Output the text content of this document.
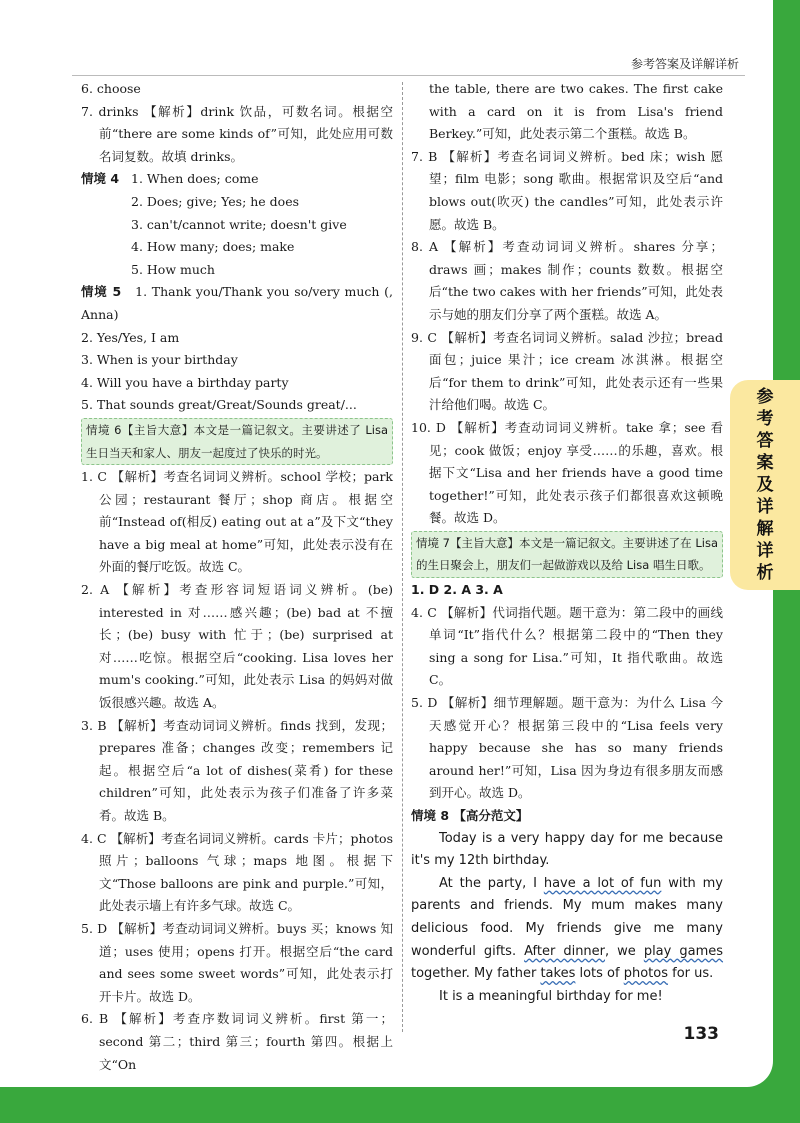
参考答案及详解详析

6. choose

7. drinks 【解析】drink 饮品，可数名词。根据空前“there are some kinds of”可知，此处应用可数名词复数。故填 drinks。

情境 4 1. When does; come

2. Does; give; Yes; he does

3. can't/cannot write; doesn't give

4. How many; does; make

5. How much

情境 5 1. Thank you/Thank you so/very much (, Anna)

2. Yes/Yes, I am

3. When is your birthday

4. Will you have a birthday party

5. That sounds great/Great/Sounds great/...

情境 6【主旨大意】本文是一篇记叙文。主要讲述了 Lisa 生日当天和家人、朋友一起度过了快乐的时光。

1. C 【解析】考查名词词义辨析。school 学校；park 公园；restaurant 餐厅；shop 商店。根据空前“Instead of(相反) eating out at a”及下文“they have a big meal at home”可知，此处表示没有在外面的餐厅吃饭。故选 C。

2. A 【解析】考查形容词短语词义辨析。(be) interested in 对……感兴趣；(be) bad at 不擅长；(be) busy with 忙于；(be) surprised at 对……吃惊。根据空后“cooking. Lisa loves her mum's cooking.”可知，此处表示 Lisa 的妈妈对做饭很感兴趣。故选 A。

3. B 【解析】考查动词词义辨析。finds 找到，发现；prepares 准备；changes 改变；remembers 记起。根据空后“a lot of dishes(菜肴) for these children”可知，此处表示为孩子们准备了许多菜肴。故选 B。

4. C 【解析】考查名词词义辨析。cards 卡片；photos 照片；balloons 气球；maps 地图。根据下文“Those balloons are pink and purple.”可知，此处表示墙上有许多气球。故选 C。

5. D 【解析】考查动词词义辨析。buys 买；knows 知道；uses 使用；opens 打开。根据空后“the card and sees some sweet words”可知，此处表示打开卡片。故选 D。

6. B 【解析】考查序数词词义辨析。first 第一；second 第二；third 第三；fourth 第四。根据上文“On

the table, there are two cakes. The first cake with a card on it is from Lisa's friend Berkey.”可知，此处表示第二个蛋糕。故选 B。

7. B 【解析】考查名词词义辨析。bed 床；wish 愿望；film 电影；song 歌曲。根据常识及空后“and blows out(吹灭) the candles”可知，此处表示许愿。故选 B。

8. A 【解析】考查动词词义辨析。shares 分享；draws 画；makes 制作；counts 数数。根据空后“the two cakes with her friends”可知，此处表示与她的朋友们分享了两个蛋糕。故选 A。

9. C 【解析】考查名词词义辨析。salad 沙拉；bread 面包；juice 果汁；ice cream 冰淇淋。根据空后“for them to drink”可知，此处表示还有一些果汁给他们喝。故选 C。

10. D 【解析】考查动词词义辨析。take 拿；see 看见；cook 做饭；enjoy 享受……的乐趣，喜欢。根据下文“Lisa and her friends have a good time together!”可知，此处表示孩子们都很喜欢这顿晚餐。故选 D。

情境 7【主旨大意】本文是一篇记叙文。主要讲述了在 Lisa 的生日聚会上，朋友们一起做游戏以及给 Lisa 唱生日歌。

1. D 2. A 3. A

4. C 【解析】代词指代题。题干意为：第二段中的画线单词“It”指代什么？根据第二段中的“Then they sing a song for Lisa.”可知，It 指代歌曲。故选 C。

5. D 【解析】细节理解题。题干意为：为什么 Lisa 今天感觉开心？根据第三段中的“Lisa feels very happy because she has so many friends around her!”可知，Lisa 因为身边有很多朋友而感到开心。故选 D。

情境 8 【高分范文】

Today is a very happy day for me because it's my 12th birthday.

At the party, I have a lot of fun with my parents and friends. My mum makes many delicious food. My friends give me many wonderful gifts. After dinner, we play games together. My father takes lots of photos for us.

It is a meaningful birthday for me!

133
参考答案及详解详析
